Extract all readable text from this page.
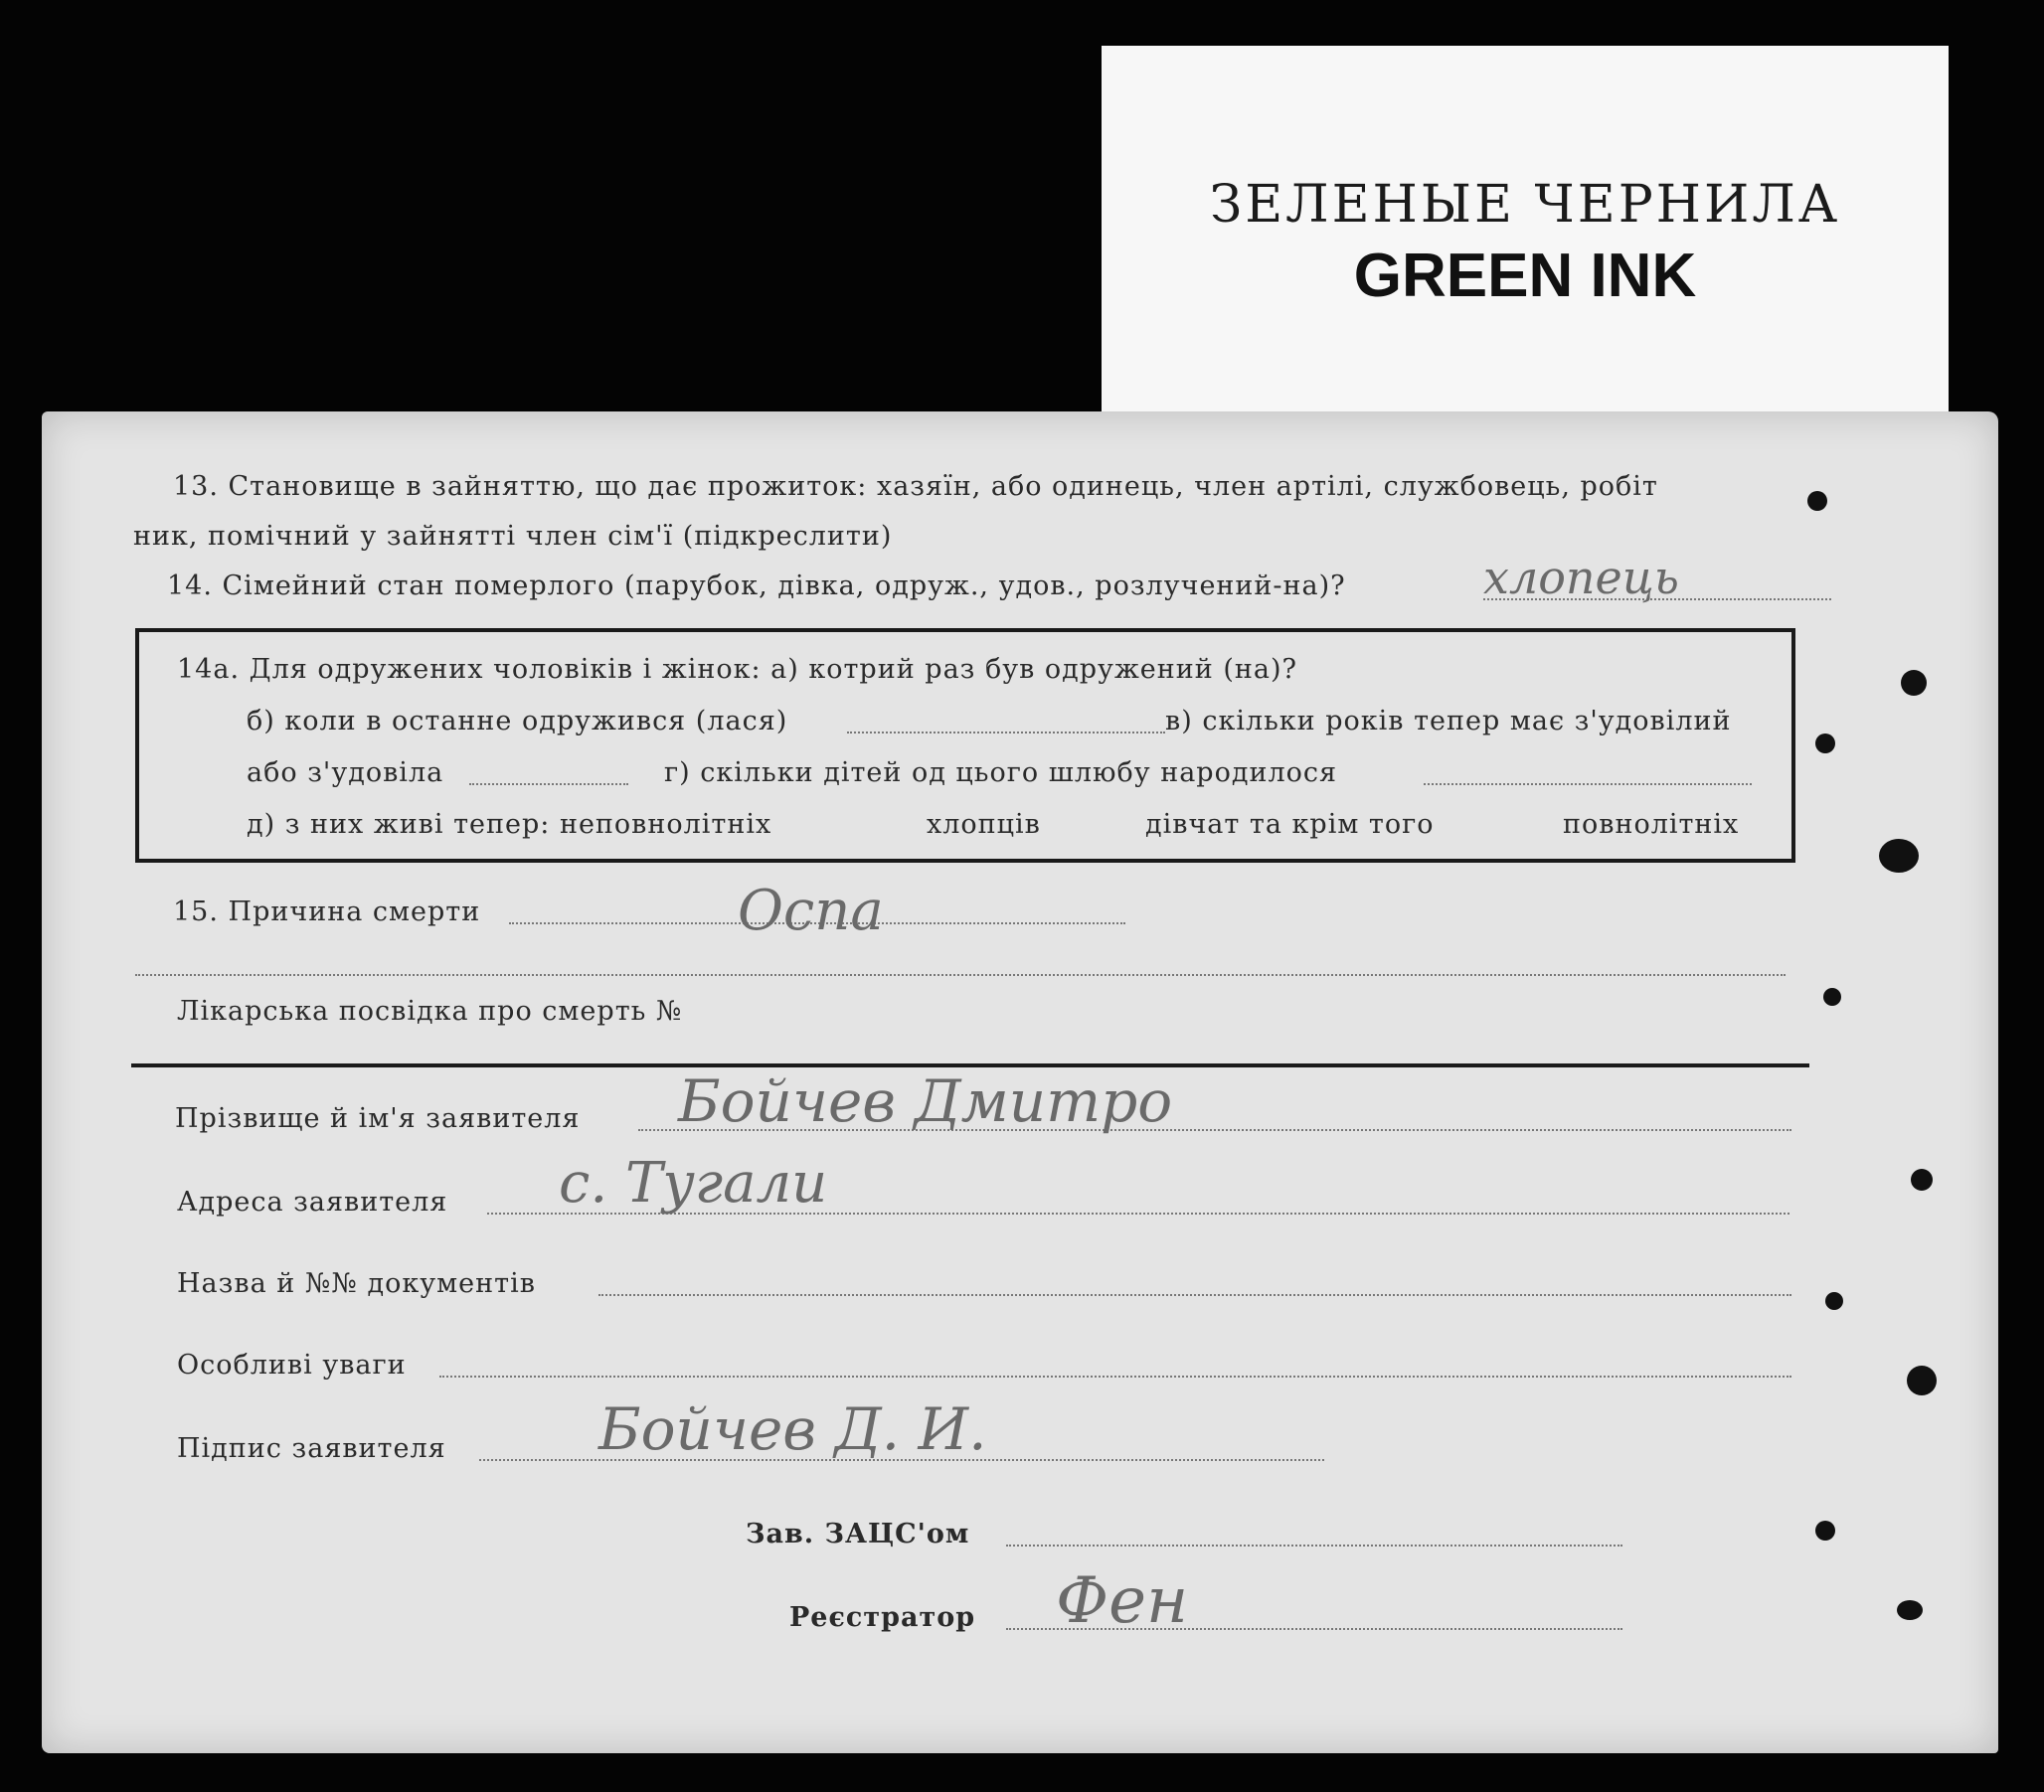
ЗЕЛЕНЫЕ ЧЕРНИЛА
GREEN INK
13. Становище в зайняттю, що дає прожиток: хазяїн, або одинець, член артілі, службовець, робіт
ник, помічний у зайнятті член сім'ї (підкреслити)
14. Сімейний стан померлого (парубок, дівка, одруж., удов., розлучений-на)?	хлопець
14а. Для одружених чоловіків і жінок: а) котрий раз був одружений (на)?
б) коли в останне одружився (лася)	в) скільки років тепер має з'удовілий
або з'удовіла	г) скільки дітей од цього шлюбу народилося
д) з них живі тепер: неповнолітніх	хлопців	дівчат та крім того	повнолітніх
15. Причина смерти	Оспа
Лікарська посвідка про смерть №
Прізвище й ім'я заявителя Бойчев Дмитро
Адреса заявителя с. Тугали
Назва й №№ документів
Особливі уваги
Підпис заявителя	Бойчев Д. И.
Зав. ЗАЦС'ом
Реєстратор Фен
